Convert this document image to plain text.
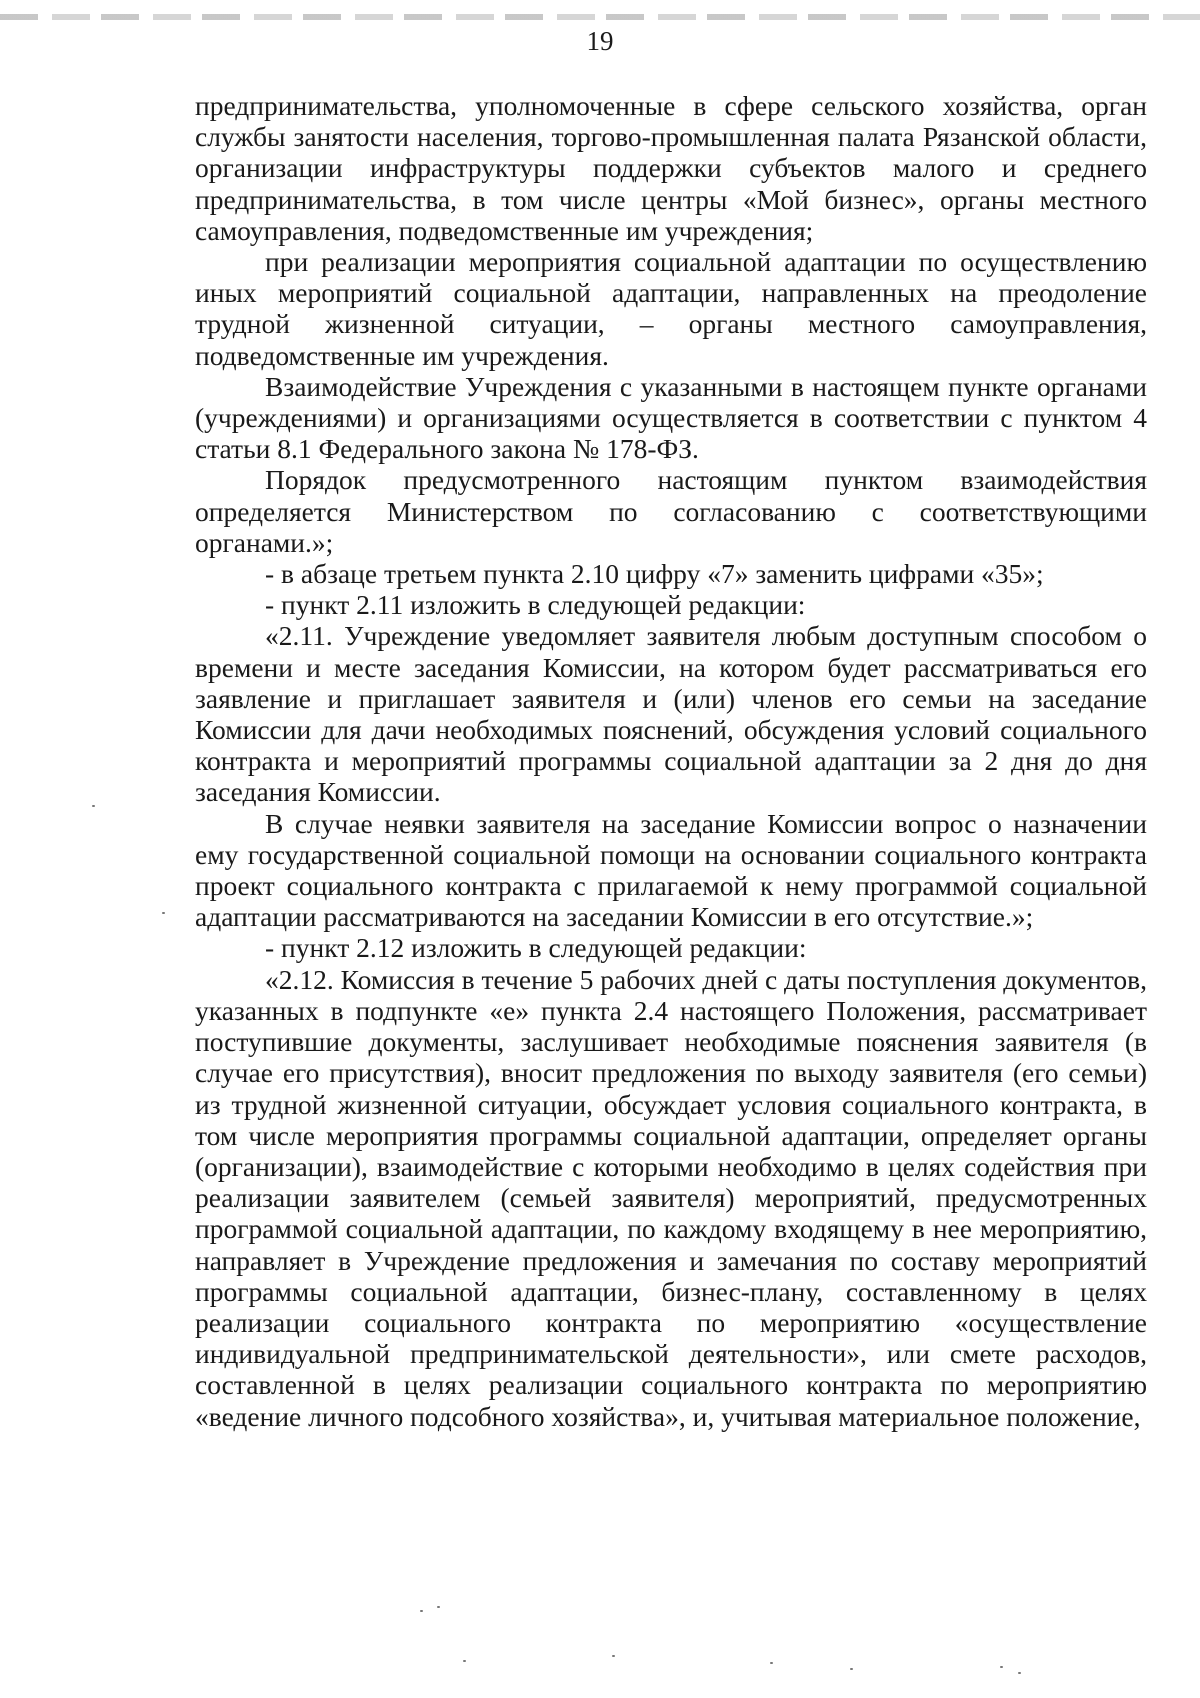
19

предпринимательства, уполномоченные в сфере сельского хозяйства, орган службы занятости населения, торгово-промышленная палата Рязанской области, организации инфраструктуры поддержки субъектов малого и среднего предпринимательства, в том числе центры «Мой бизнес», органы местного самоуправления, подведомственные им учреждения;

при реализации мероприятия социальной адаптации по осуществлению иных мероприятий социальной адаптации, направленных на преодоление трудной жизненной ситуации, – органы местного самоуправления, подведомственные им учреждения.

Взаимодействие Учреждения с указанными в настоящем пункте органами (учреждениями) и организациями осуществляется в соответствии с пунктом 4 статьи 8.1 Федерального закона № 178-ФЗ.

Порядок предусмотренного настоящим пунктом взаимодействия определяется Министерством по согласованию с соответствующими органами.»;

- в абзаце третьем пункта 2.10 цифру «7» заменить цифрами «35»;

- пункт 2.11 изложить в следующей редакции:

«2.11. Учреждение уведомляет заявителя любым доступным способом о времени и месте заседания Комиссии, на котором будет рассматриваться его заявление и приглашает заявителя и (или) членов его семьи на заседание Комиссии для дачи необходимых пояснений, обсуждения условий социального контракта и мероприятий программы социальной адаптации за 2 дня до дня заседания Комиссии.

В случае неявки заявителя на заседание Комиссии вопрос о назначении ему государственной социальной помощи на основании социального контракта проект социального контракта с прилагаемой к нему программой социальной адаптации рассматриваются на заседании Комиссии в его отсутствие.»;

- пункт 2.12 изложить в следующей редакции:

«2.12. Комиссия в течение 5 рабочих дней с даты поступления документов, указанных в подпункте «е» пункта 2.4 настоящего Положения, рассматривает поступившие документы, заслушивает необходимые пояснения заявителя (в случае его присутствия), вносит предложения по выходу заявителя (его семьи) из трудной жизненной ситуации, обсуждает условия социального контракта, в том числе мероприятия программы социальной адаптации, определяет органы (организации), взаимодействие с которыми необходимо в целях содействия при реализации заявителем (семьей заявителя) мероприятий, предусмотренных программой социальной адаптации, по каждому входящему в нее мероприятию, направляет в Учреждение предложения и замечания по составу мероприятий программы социальной адаптации, бизнес-плану, составленному в целях реализации социального контракта по мероприятию «осуществление индивидуальной предпринимательской деятельности», или смете расходов, составленной в целях реализации социального контракта по мероприятию «ведение личного подсобного хозяйства», и, учитывая материальное положение,
